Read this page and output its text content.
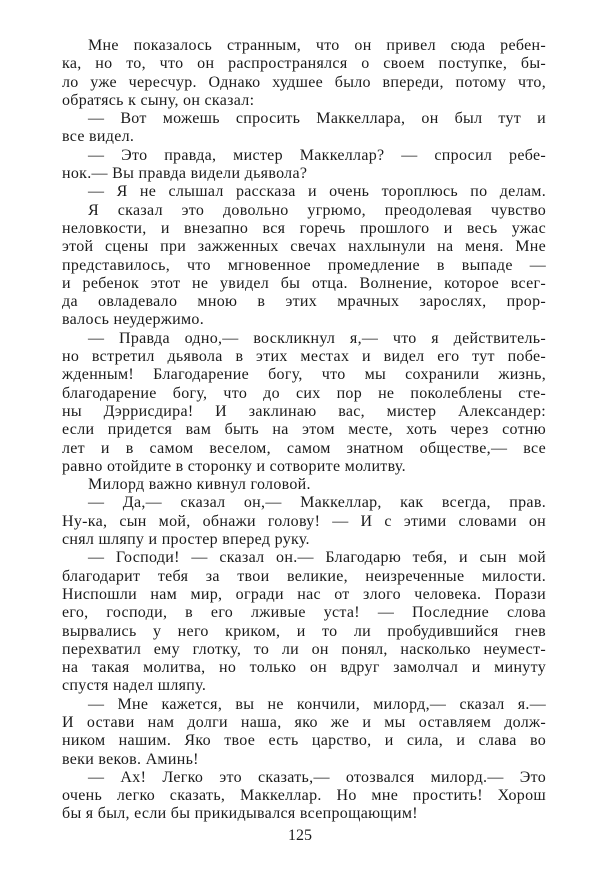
Мне показалось странным, что он привел сюда ребен-
ка, но то, что он распространялся о своем поступке, бы-
ло уже чересчур. Однако худшее было впереди, потому что,
обратясь к сыну, он сказал:
— Вот можешь спросить Маккеллара, он был тут и
все видел.
— Это правда, мистер Маккеллар? — спросил ребе-
нок.— Вы правда видели дьявола?
— Я не слышал рассказа и очень тороплюсь по делам.
Я сказал это довольно угрюмо, преодолевая чувство
неловкости, и внезапно вся горечь прошлого и весь ужас
этой сцены при зажженных свечах нахлынули на меня. Мне
представилось, что мгновенное промедление в выпаде —
и ребенок этот не увидел бы отца. Волнение, которое всег-
да овладевало мною в этих мрачных зарослях, прор-
валось неудержимо.
— Правда одно,— воскликнул я,— что я действитель-
но встретил дьявола в этих местах и видел его тут побе-
жденным! Благодарение богу, что мы сохранили жизнь,
благодарение богу, что до сих пор не поколеблены сте-
ны Дэррисдира! И заклинаю вас, мистер Александер:
если придется вам быть на этом месте, хоть через сотню
лет и в самом веселом, самом знатном обществе,— все
равно отойдите в сторонку и сотворите молитву.
Милорд важно кивнул головой.
— Да,— сказал он,— Маккеллар, как всегда, прав.
Ну-ка, сын мой, обнажи голову! — И с этими словами он
снял шляпу и простер вперед руку.
— Господи! — сказал он.— Благодарю тебя, и сын мой
благодарит тебя за твои великие, неизреченные милости.
Ниспошли нам мир, огради нас от злого человека. Порази
его, господи, в его лживые уста! — Последние слова
вырвались у него криком, и то ли пробудившийся гнев
перехватил ему глотку, то ли он понял, насколько неумест-
на такая молитва, но только он вдруг замолчал и минуту
спустя надел шляпу.
— Мне кажется, вы не кончили, милорд,— сказал я.—
И остави нам долги наша, яко же и мы оставляем долж-
ником нашим. Яко твое есть царство, и сила, и слава во
веки веков. Аминь!
— Ах! Легко это сказать,— отозвался милорд.— Это
очень легко сказать, Маккеллар. Но мне простить! Хорош
бы я был, если бы прикидывался всепрощающим!
125
